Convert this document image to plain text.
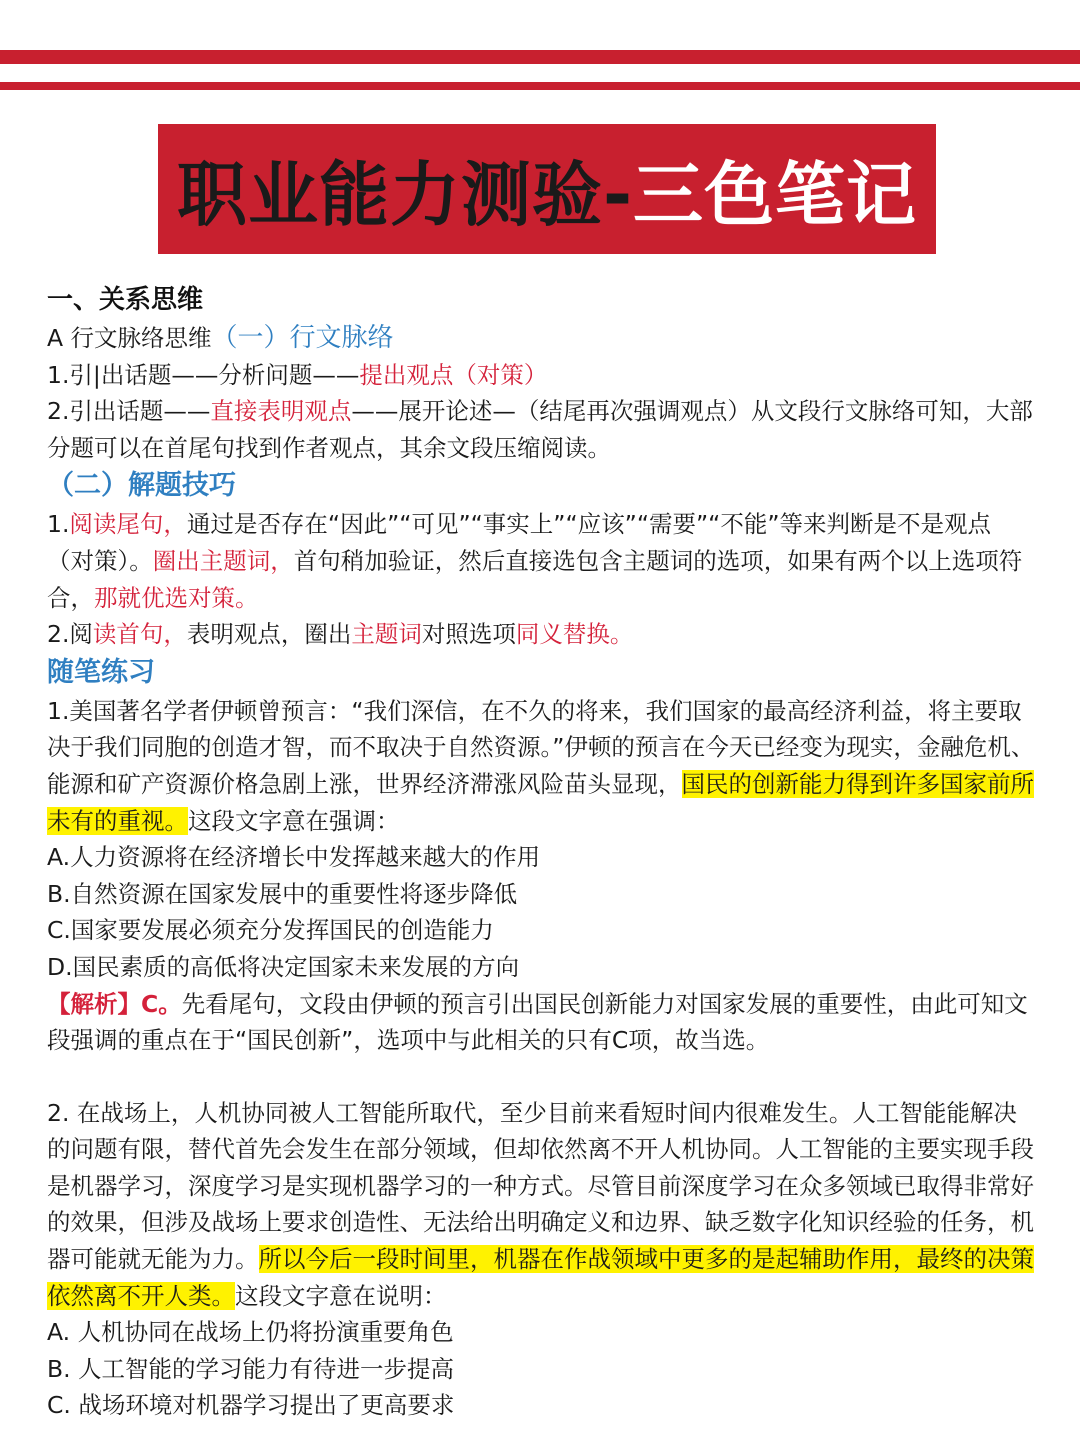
职业能力测验-三色笔记

一、关系思维

A 行文脉络思维（一）行文脉络

1.引|出话题——分析问题——提出观点（对策）

2.引出话题——直接表明观点——展开论述—（结尾再次强调观点）从文段行文脉络可知，大部分题可以在首尾句找到作者观点，其余文段压缩阅读。

（二）解题技巧

1.阅读尾句，通过是否存在“因此”“可见”“事实上”“应该”“需要”“不能”等来判断是不是观点（对策）。圈出主题词，首句稍加验证，然后直接选包含主题词的选项，如果有两个以上选项符合，那就优选对策。

2.阅读首句，表明观点，圈出主题词对照选项同义替换。

随笔练习

1.美国著名学者伊顿曾预言：“我们深信，在不久的将来，我们国家的最高经济利益，将主要取决于我们同胞的创造才智，而不取决于自然资源。”伊顿的预言在今天已经变为现实，金融危机、能源和矿产资源价格急剧上涨，世界经济滞涨风险苗头显现，国民的创新能力得到许多国家前所未有的重视。这段文字意在强调：

A.人力资源将在经济增长中发挥越来越大的作用

B.自然资源在国家发展中的重要性将逐步降低

C.国家要发展必须充分发挥国民的创造能力

D.国民素质的高低将决定国家未来发展的方向

【解析】C。先看尾句，文段由伊顿的预言引出国民创新能力对国家发展的重要性，由此可知文段强调的重点在于“国民创新”，选项中与此相关的只有C项，故当选。

2. 在战场上，人机协同被人工智能所取代，至少目前来看短时间内很难发生。人工智能能解决的问题有限，替代首先会发生在部分领域，但却依然离不开人机协同。人工智能的主要实现手段是机器学习，深度学习是实现机器学习的一种方式。尽管目前深度学习在众多领域已取得非常好的效果，但涉及战场上要求创造性、无法给出明确定义和边界、缺乏数字化知识经验的任务，机器可能就无能为力。所以今后一段时间里，机器在作战领域中更多的是起辅助作用，最终的决策依然离不开人类。这段文字意在说明：

A. 人机协同在战场上仍将扮演重要角色

B. 人工智能的学习能力有待进一步提高

C. 战场环境对机器学习提出了更高要求
